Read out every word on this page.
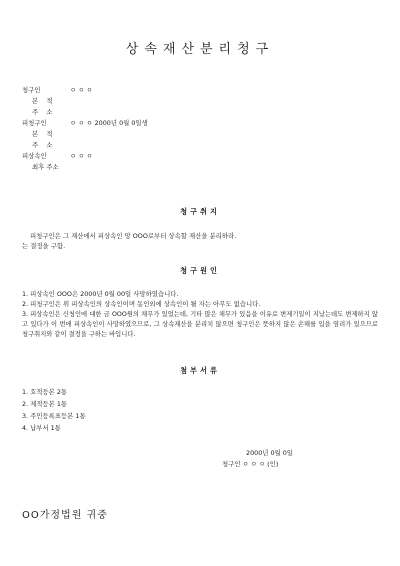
상속재산분리청구
청구인	ㅇ ㅇ ㅇ
본 적
주 소
피청구인	ㅇ ㅇ ㅇ 2000년 0월 0일생
본 적
주 소
피상속인	ㅇ ㅇ ㅇ
최후 주소
청구취지
피청구인은 그 재산에서 피상속인 망 OOO로부터 상속할 재산을 분리하라.
는 결정을 구함.
청구원인
1. 피상속인 OOO은 2000년 0월 00일 사망하였습니다.
2. 피청구인은 위 피상속인의 상속인이며 동인외에 상속인이 될 자는 아무도 없습니다.
3. 피상속인은 신청인에 대한 금 OOO원의 채무가 있었는데, 기타 많은 채무가 있음을 이유로 변제기일이 지났는데도 변제하지 않고 있다가 이 번에 피상속인이 사망하였으므로, 그 상속재산을 분리치 않으면 청구인은 뜻하지 않은 손해를 입을 염려가 있으므로 청구취지와 같이 결정을 구하는 바입니다.
첨부서류
1. 호적등본 2통
2. 제적등본 1통
3. 주민등록표등본 1통
4. 납부서 1통
2000년 0월 0일
청구인 ㅇ ㅇ ㅇ (인)
OO가정법원 귀중
